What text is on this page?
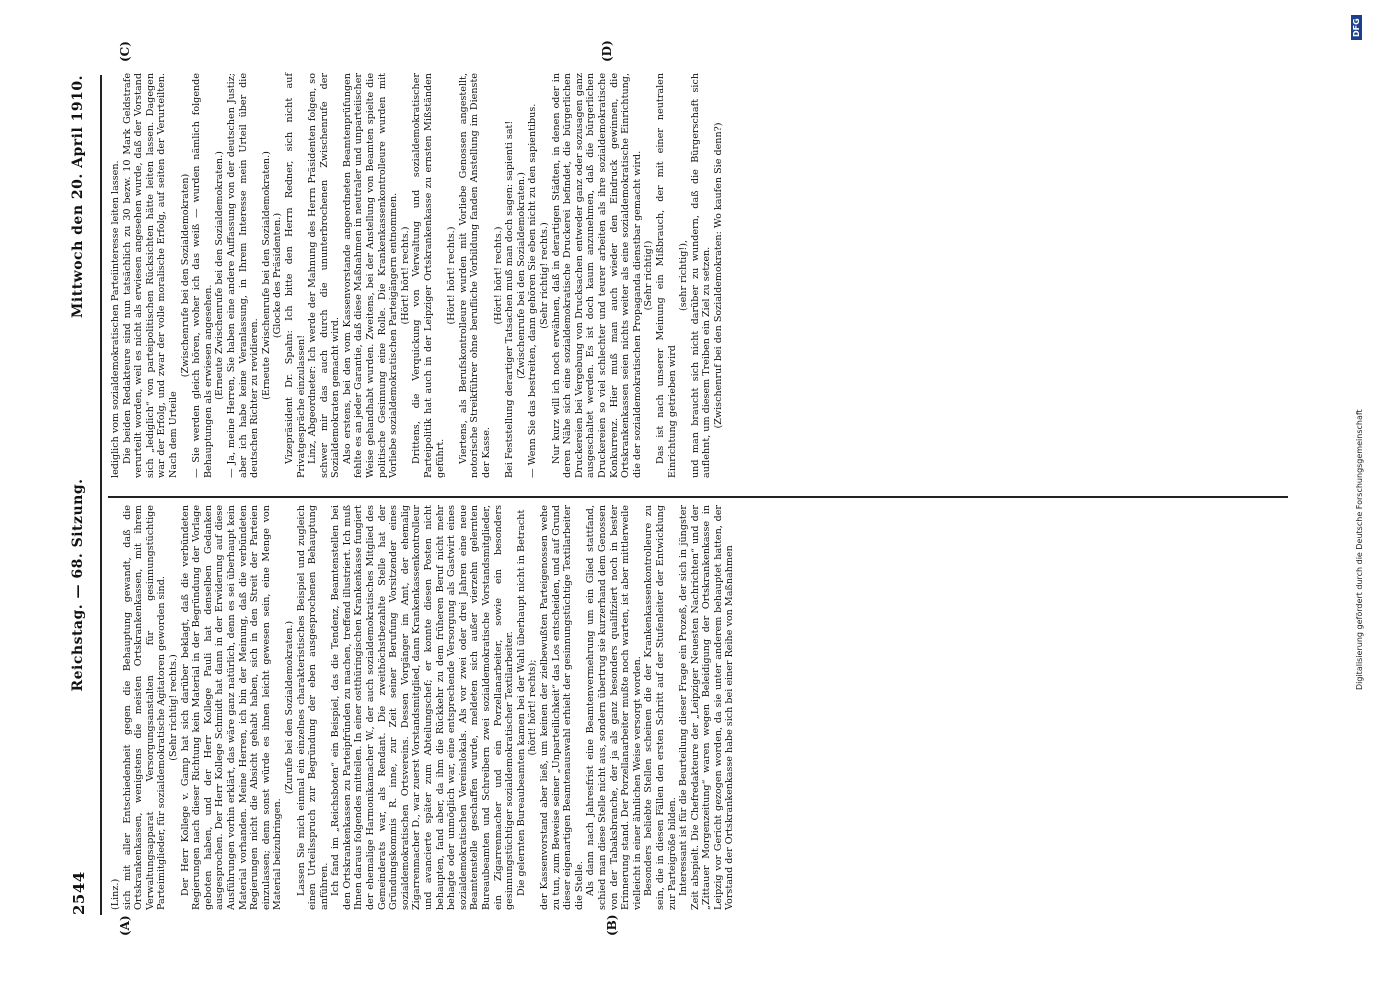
2544
Reichstag. — 68. Sitzung.
Mittwoch den 20. April 1910.
(A)	(B)
(C)	(D)

(Linz.) sich mit aller Entschiedenheit gegen die Behauptung gewandt, daß die Ortskrankenkassen, wenigstens die meisten Ortskrankenkassen, mit ihrem Verwaltungsapparat Versorgungsanstalten für gesinnungstüchtige Parteimitglieder, für sozialdemokratische Agitatoren geworden sind. (Sehr richtig! rechts.) Der Herr Kollege v. Gamp hat sich darüber beklagt, daß die verbündeten Regierungen nach dieser Richtung kein Material in der Begründung der Vorlage geboten haben, und der Herr Kollege Pauli hat denselben Gedanken ausgesprochen. Der Herr Kollege Schmidt hat dann in der Erwiderung auf diese Ausführungen vorhin erklärt, das wäre ganz natürlich, denn es sei überhaupt kein Material vorhanden. Meine Herren, ich bin der Meinung, daß die verbündeten Regierungen nicht die Absicht gehabt haben, sich in den Streit der Parteien einzulassen; denn sonst würde es ihnen leicht gewesen sein, eine Menge von Material beizubringen.

(Zurufe bei den Sozialdemokraten.) Lassen Sie mich einmal ein einzelnes charakteristisches Beispiel und zugleich einen Urteilsspruch zur Begründung der eben ausgesprochenen Behauptung anführen. Ich fand im „Reichsboten“ ein Beispiel, das die Tendenz, Beamtenstellen bei den Ortskrankenkassen zu Parteipfründen zu machen, treffend illustriert. Ich muß Ihnen daraus folgendes mitteilen. In einer ostthüringischen Krankenkasse fungiert der ehemalige Harmonikamacher W., der auch sozialdemokratisches Mitglied des Gemeinderats war, als Rendant. Die zweithöchstbezahlte Stelle hat der Gründungskommis R. inne, zur Zeit seiner Berufung Vorsitzender eines sozialdemokratischen Ortsvereins. Dessen Vorgänger im Amt, der ehemalig Zigarrenmacher D., war zuerst Vorstandsmitglied, dann Krankenkassenkontrolleur und avancierte später zum Abteilungschef; er konnte diesen Posten nicht behaupten, fand aber, da ihm die Rückkehr zu dem früheren Beruf nicht mehr behagte oder unmöglich war, eine entsprechende Versorgung als Gastwirt eines sozialdemokratischen Vereinslokals. Als vor zwei oder drei Jahren eine neue Beamtenstelle geschaffen wurde, meldeten sich außer vierzehn gelernten Bureaubeamten und Schreibern zwei sozialdemokratische Vorstandsmitglieder, ein Zigarrenmacher und ein Porzellanarbeiter, sowie ein besonders gesinnungstüchtiger sozialdemokratischer Textilarbeiter. Die gelernten Bureaubeamten kamen bei der Wahl überhaupt nicht in Betracht (hört! hört! rechts); der Kassenvorstand aber ließ, um keinen der zielbewußten Parteigenossen wehe zu tun, zum Beweise seiner „Unparteilichkeit“ das Los entscheiden, und auf Grund dieser eigenartigen Beamtenauswahl erhielt der gesinnungstüchtige Textilarbeiter die Stelle. Als dann nach Jahresfrist eine Beamtenvermehrung um ein Glied stattfand, schied man diese Stelle nicht aus, sondern übertrug sie kurzerhand dem Genossen von der Tabaksbranche, der ja als ganz besonders qualifiziert noch in bester Erinnerung stand. Der Porzellanarbeiter mußte noch warten, ist aber mittlerweile vielleicht in einer ähnlichen Weise versorgt worden. Besonders beliebte Stellen scheinen die der Krankenkassenkontrolleure zu sein, die in diesen Fällen den ersten Schritt auf der Stufenleiter der Entwicklung zur Parteigröße bilden. Interessant ist für die Beurteilung dieser Frage ein Prozeß, der sich in jüngster Zeit abspielt. Die Chefredakteure der „Leipziger Neuesten Nachrichten“ und der „Zittauer Morgenzeitung“ waren wegen Beleidigung der Ortskrankenkasse in Leipzig vor Gericht gezogen worden, da sie unter anderem behauptet hatten, der Vorstand der Ortskrankenkasse habe sich bei einer Reihe von Maßnahmen

lediglich vom sozialdemokratischen Parteiinteresse leiten lassen. Die beiden Redakteure sind nun tatsächlich zu 30 bezw. 10 Mark Geldstrafe verurteilt worden, weil es nicht als erwiesen angesehen wurde, daß der Vorstand sich „lediglich“ von parteipolitischen Rücksichten hätte leiten lassen. Dagegen war der Erfolg, und zwar der volle moralische Erfolg, auf seiten der Verurteilten. Nach dem Urteile

(Zwischenrufe bei den Sozialdemokraten) — Sie werden gleich hören, woher ich das weiß — wurden nämlich folgende Behauptungen als erwiesen angesehen. (Erneute Zwischenrufe bei den Sozialdemokraten.) — Ja, meine Herren, Sie haben eine andere Auffassung von der deutschen Justiz; aber ich habe keine Veranlassung, in Ihrem Interesse mein Urteil über die deutschen Richter zu revidieren. (Erneute Zwischenrufe bei den Sozialdemokraten.) (Glocke des Präsidenten.) Vizepräsident Dr. Spahn: Ich bitte den Herrn Redner, sich nicht auf Privatgespräche einzulassen! Linz, Abgeordneter: Ich werde der Mahnung des Herrn Präsidenten folgen, so schwer mir das auch durch die ununterbrochenen Zwischenrufe der Sozialdemokraten gemacht wird. Also erstens, bei den vom Kassenvorstande angeordneten Beamtenprüfungen fehlte es an jeder Garantie, daß diese Maßnahmen in neutraler und unparteiischer Weise gehandhabt wurden. Zweitens, bei der Anstellung von Beamten spielte die politische Gesinnung eine Rolle. Die Krankenkassenkontrolleure wurden mit Vorliebe sozialdemokratischen Parteigängern entnommen. (Hört! hört! rechts.) Drittens, die Verquickung von Verwaltung und sozialdemokratischer Parteipolitik hat auch in der Leipziger Ortskrankenkasse zu ernsten Mißständen geführt.

(Hört! hört! rechts.) Viertens, als Berufskontrolleure wurden mit Vorliebe Genossen angestellt, notorische Streikführer ohne berufliche Vorbildung fanden Anstellung im Dienste der Kasse.

(Hört! hört! rechts.) Bei Feststellung derartiger Tatsachen muß man doch sagen: sapienti sat! (Zwischenrufe bei den Sozialdemokraten.) — Wenn Sie das bestreiten, dann gehören Sie eben nicht zu den sapientibus. (Sehr richtig! rechts.) Nur kurz will ich noch erwähnen, daß in derartigen Städten, in denen oder in deren Nähe sich eine sozialdemokratische Druckerei befindet, die bürgerlichen Druckereien bei Vergebung von Drucksachen entweder ganz oder sozusagen ganz ausgeschaltet werden. Es ist doch kaum anzunehmen, daß die bürgerlichen Druckereien so viel schlechter und teurer arbeiten als ihre sozialdemokratische Konkurrenz. Hier muß man auch wieder den Eindruck gewinnen, die Ortskrankenkassen seien nichts weiter als eine sozialdemokratische Einrichtung, die der sozialdemokratischen Propaganda dienstbar gemacht wird. (Sehr richtig!) Das ist nach unserer Meinung ein Mißbrauch, der mit einer neutralen Einrichtung getrieben wird

(sehr richtig!), und man braucht sich nicht darüber zu wundern, daß die Bürgerschaft sich auflehnt, um diesem Treiben ein Ziel zu setzen. (Zwischenruf bei den Sozialdemokraten: Wo kaufen Sie denn?)

Digitalisierung gefördert durch die Deutsche Forschungsgemeinschaft
DFG
